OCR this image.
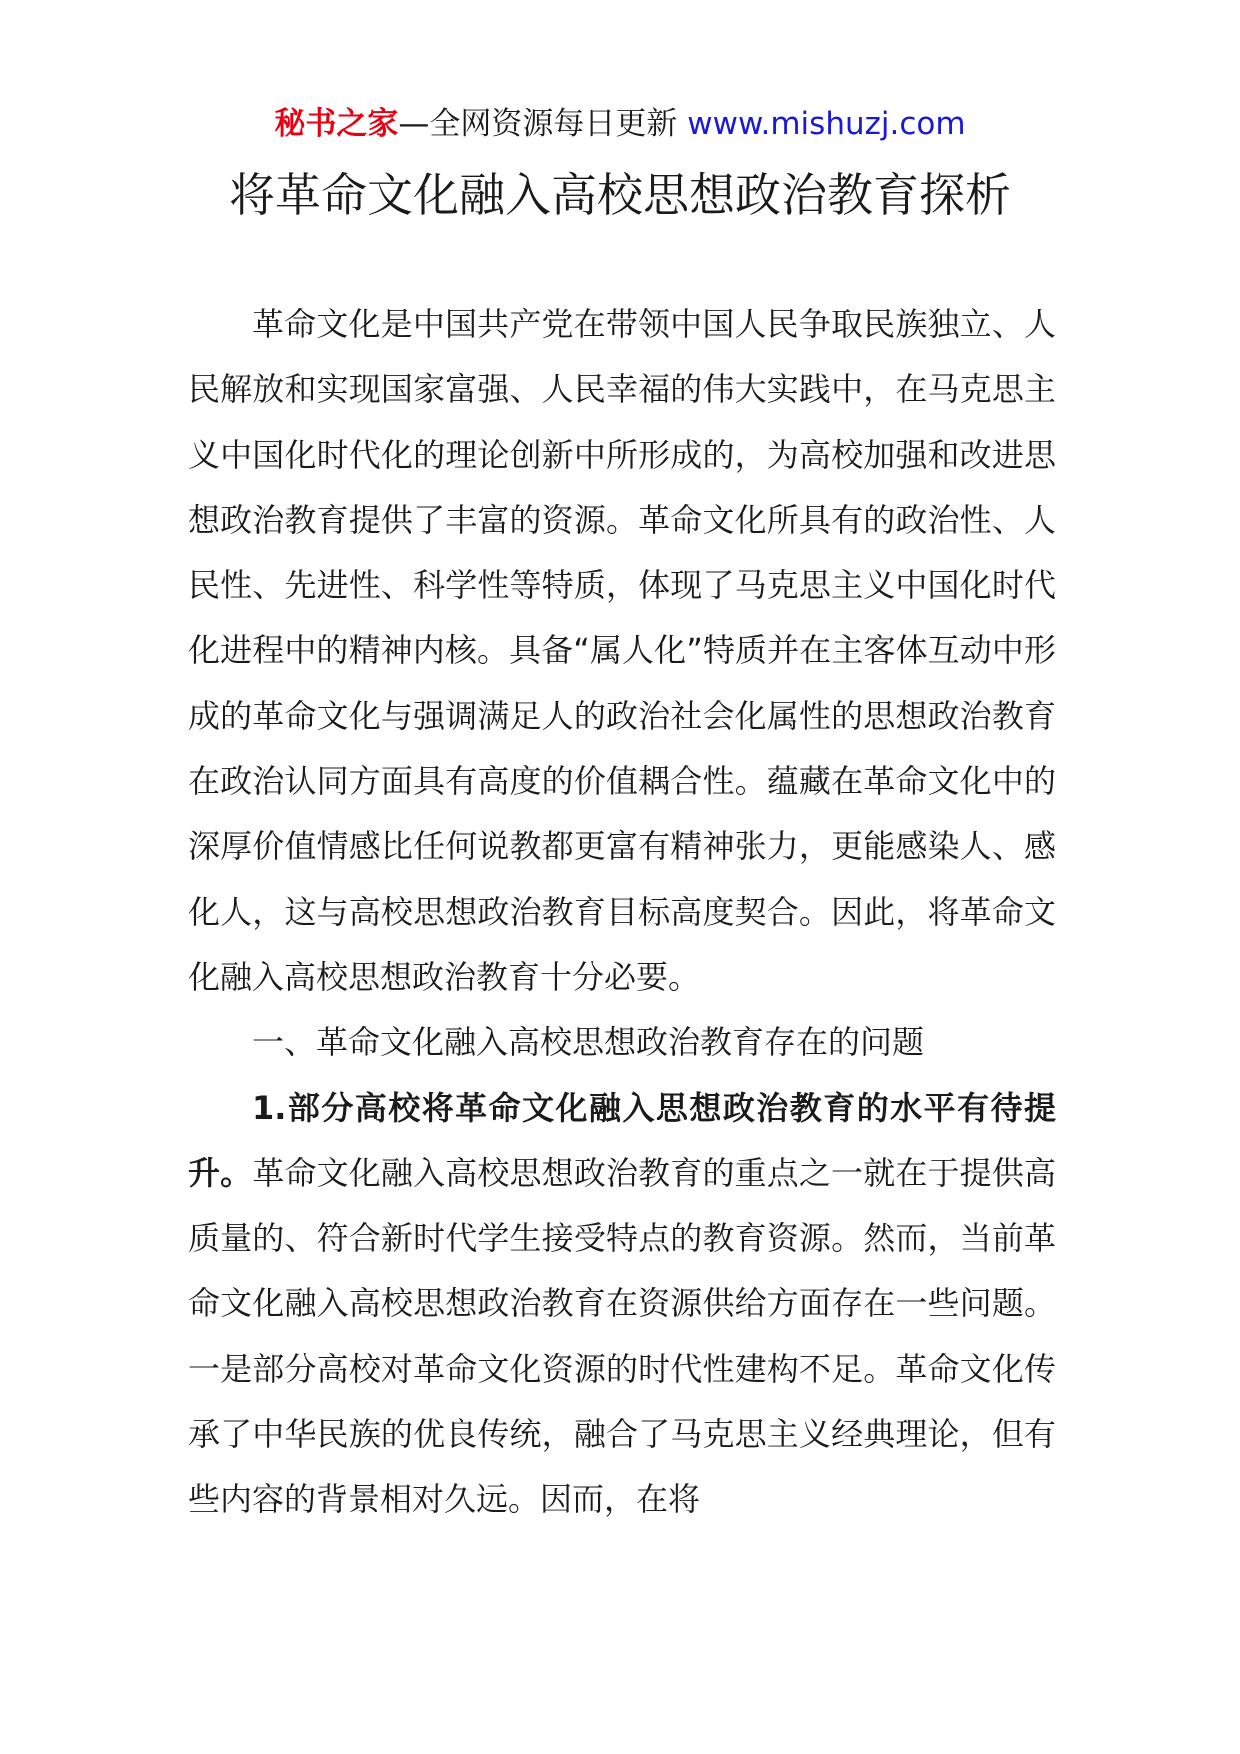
秘书之家—全网资源每日更新 www.mishuzj.com
将革命文化融入高校思想政治教育探析

革命文化是中国共产党在带领中国人民争取民族独立、人民解放和实现国家富强、人民幸福的伟大实践中，在马克思主义中国化时代化的理论创新中所形成的，为高校加强和改进思想政治教育提供了丰富的资源。革命文化所具有的政治性、人民性、先进性、科学性等特质，体现了马克思主义中国化时代化进程中的精神内核。具备“属人化”特质并在主客体互动中形成的革命文化与强调满足人的政治社会化属性的思想政治教育在政治认同方面具有高度的价值耦合性。蕴藏在革命文化中的深厚价值情感比任何说教都更富有精神张力，更能感染人、感化人，这与高校思想政治教育目标高度契合。因此，将革命文化融入高校思想政治教育十分必要。

一、革命文化融入高校思想政治教育存在的问题

1.部分高校将革命文化融入思想政治教育的水平有待提升。革命文化融入高校思想政治教育的重点之一就在于提供高质量的、符合新时代学生接受特点的教育资源。然而，当前革命文化融入高校思想政治教育在资源供给方面存在一些问题。一是部分高校对革命文化资源的时代性建构不足。革命文化传承了中华民族的优良传统，融合了马克思主义经典理论，但有些内容的背景相对久远。因而，在将
